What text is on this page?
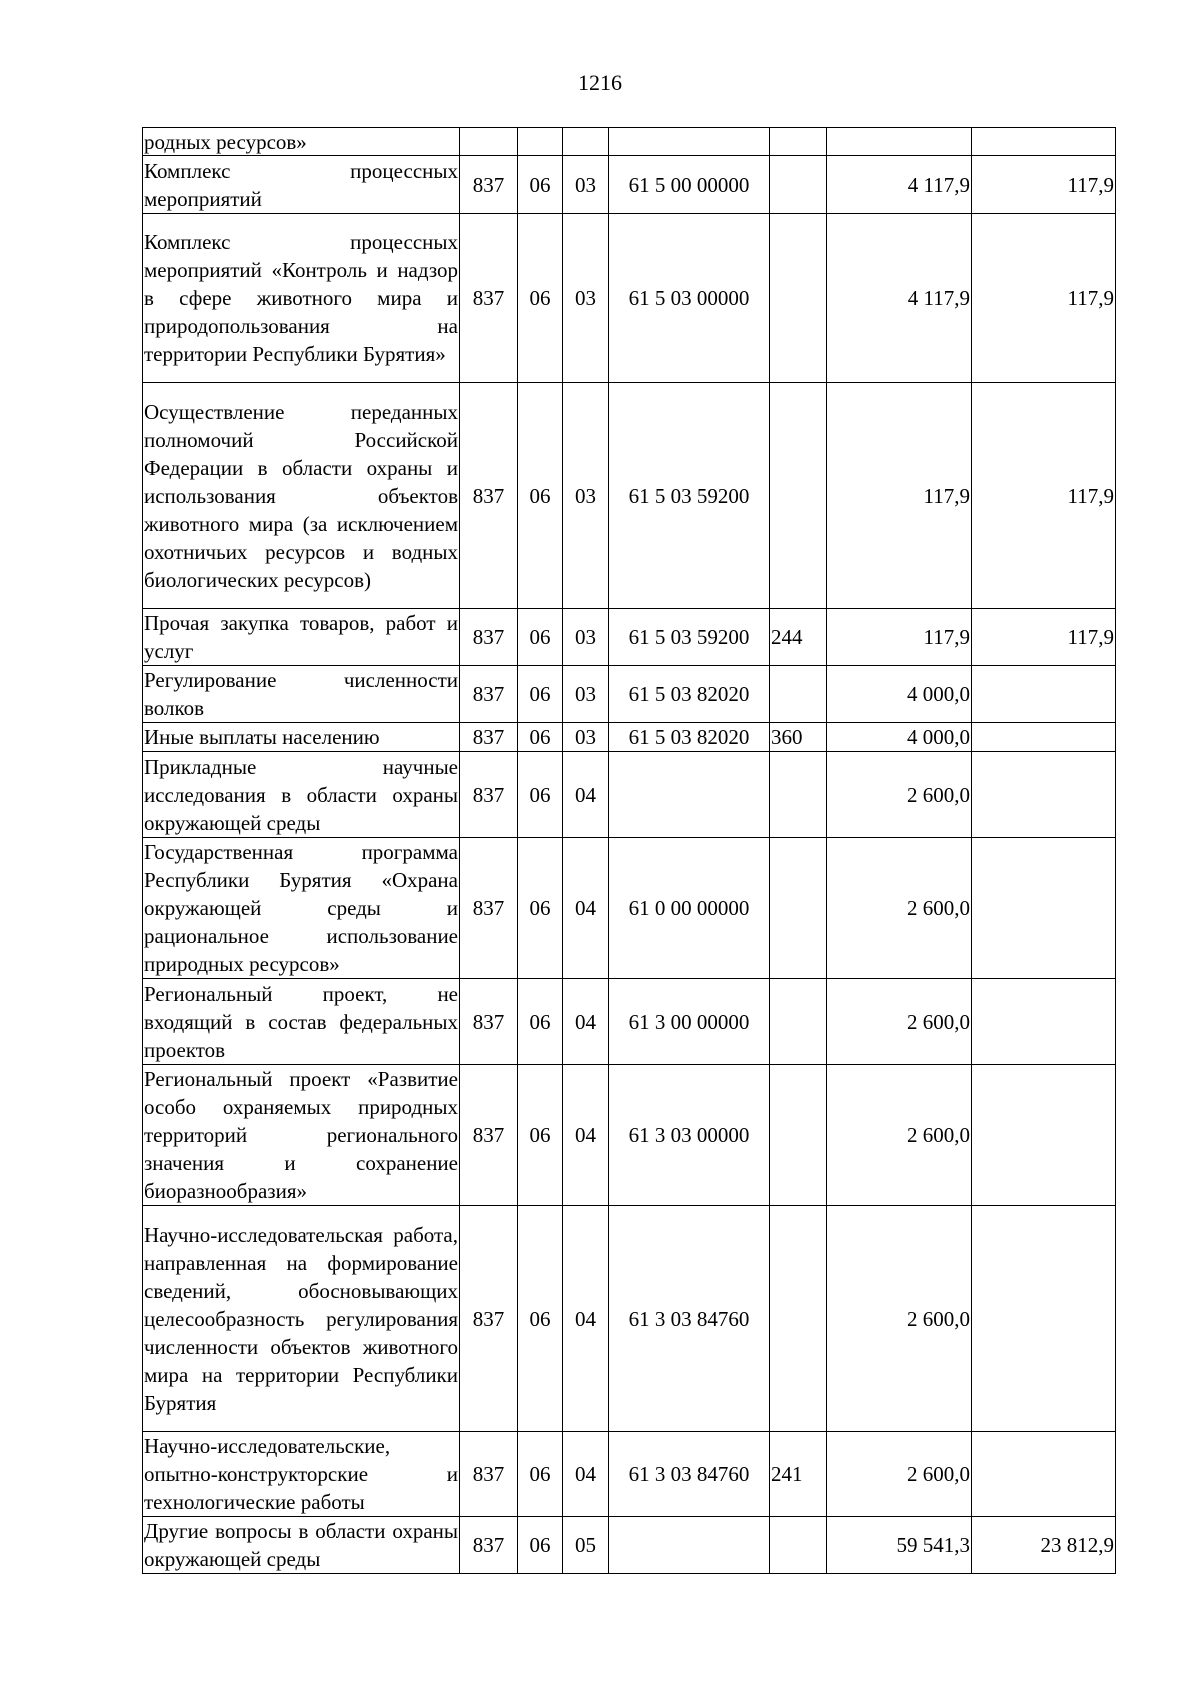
1216
родных ресурсов»							
Комплекс процессных мероприятий	837	06	03	61 5 00 00000		4 117,9	117,9
Комплекс процессных мероприятий «Контроль и надзор в сфере животного мира и природопользования на территории Республики Бурятия»	837	06	03	61 5 03 00000		4 117,9	117,9
Осуществление переданных полномочий Российской Федерации в области охраны и использования объектов животного мира (за исключением охотничьих ресурсов и водных биологических ресурсов)	837	06	03	61 5 03 59200		117,9	117,9
Прочая закупка товаров, работ и услуг	837	06	03	61 5 03 59200	244	117,9	117,9
Регулирование численности волков	837	06	03	61 5 03 82020		4 000,0	
Иные выплаты населению	837	06	03	61 5 03 82020	360	4 000,0	
Прикладные научные исследования в области охраны окружающей среды	837	06	04			2 600,0	
Государственная программа Республики Бурятия «Охрана окружающей среды и рациональное использование природных ресурсов»	837	06	04	61 0 00 00000		2 600,0	
Региональный проект, не входящий в состав федеральных проектов	837	06	04	61 3 00 00000		2 600,0	
Региональный проект «Развитие особо охраняемых природных территорий регионального значения и сохранение биоразнообразия»	837	06	04	61 3 03 00000		2 600,0	
Научно-исследовательская работа, направленная на формирование сведений, обосновывающих целесообразность регулирования численности объектов животного мира на территории Республики Бурятия	837	06	04	61 3 03 84760		2 600,0	
Научно-исследовательские, опытно-конструкторские и технологические работы	837	06	04	61 3 03 84760	241	2 600,0	
Другие вопросы в области охраны окружающей среды	837	06	05			59 541,3	23 812,9
